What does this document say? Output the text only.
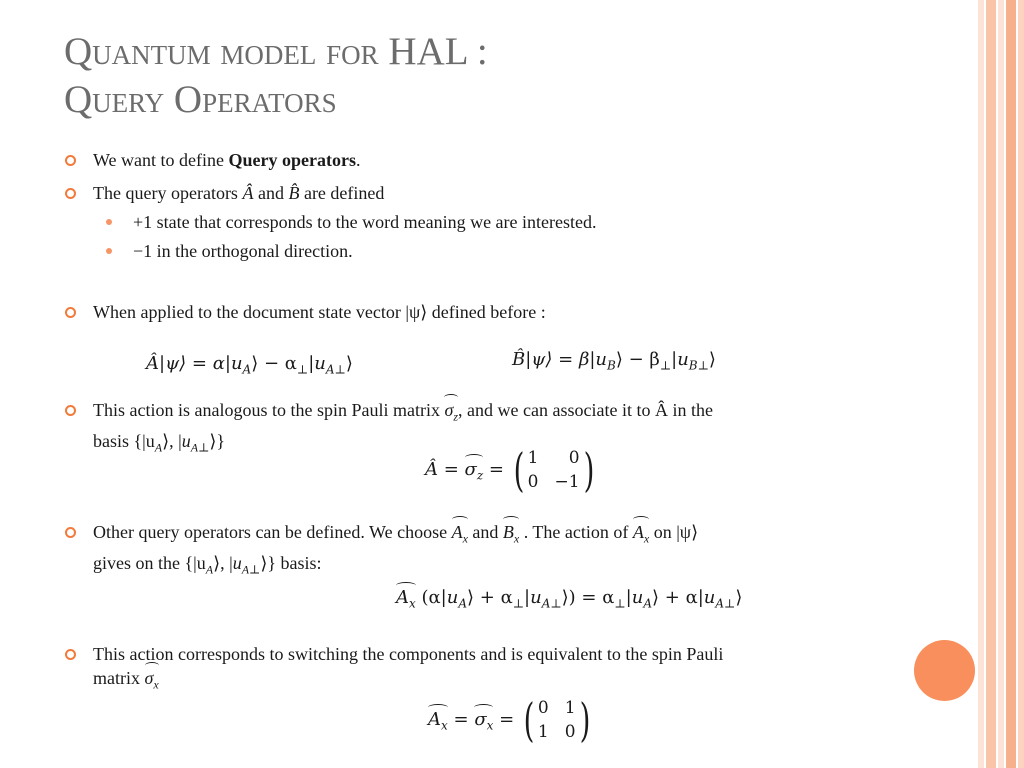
Quantum model for HAL :
Query Operators
We want to define Query operators.
The query operators Â and B̂ are defined
+1 state that corresponds to the word meaning we are interested.
−1 in the orthogonal direction.
When applied to the document state vector |ψ⟩ defined before :
Â|ψ⟩ = $\alpha|u_A⟩$ − $\alpha_\perp|u_{A\perp}⟩$	B̂|ψ⟩ = $\beta|u_B⟩$ − $\beta_\perp|u_{B\perp}⟩$
This action is analogous to the spin Pauli matrix $\sigma_z$, and we can associate it to Â in the
basis {$|u_A⟩$, $|u_{A\perp}⟩$}
Â = $\sigma_z$ = ( 1	0
0 −1 )
Other query operators can be defined. We choose $A_x$ and $B_x$ . The action of $A_x$ on |ψ⟩
gives on the {$|u_A⟩$, $|u_{A\perp}⟩$} basis:
$A_x$ ($\alpha|u_A⟩$ + $\alpha_\perp|u_{A\perp}⟩$) = $\alpha_\perp|u_A⟩$ + $\alpha|u_{A\perp}⟩$
This action corresponds to switching the components and is equivalent to the spin Pauli
matrix $\sigma_x$
$A_x = \sigma_x$ = ( 0 1
1 0 )
